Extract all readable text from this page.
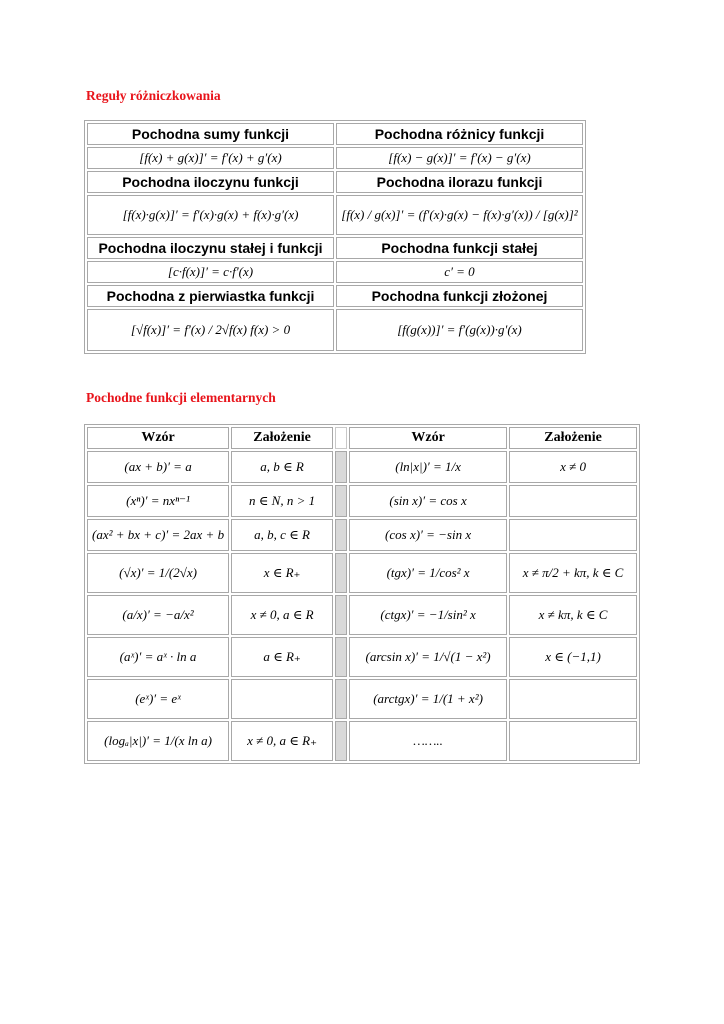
Reguły różniczkowania
Pochodna sumy funkcji	Pochodna różnicy funkcji
[f(x) + g(x)]′ = f′(x) + g′(x)	[f(x) − g(x)]′ = f′(x) − g′(x)
Pochodna iloczynu funkcji	Pochodna ilorazu funkcji
[f(x)·g(x)]′ = f′(x)·g(x) + f(x)·g′(x)	[f(x) / g(x)]′ = (f′(x)·g(x) − f(x)·g′(x)) / [g(x)]²
Pochodna iloczynu stałej i funkcji	Pochodna funkcji stałej
[c·f(x)]′ = c·f′(x)	c′ = 0
Pochodna z pierwiastka funkcji	Pochodna funkcji złożonej
[√f(x)]′ = f′(x) / 2√f(x) f(x) > 0	[f(g(x))]′ = f′(g(x))·g′(x)
Pochodne funkcji elementarnych
Wzór	Założenie		Wzór	Założenie
(ax + b)′ = a	a, b ∈ R		(ln|x|)′ = 1/x	x ≠ 0
(xⁿ)′ = nxⁿ⁻¹	n ∈ N, n > 1		(sin x)′ = cos x	
(ax² + bx + c)′ = 2ax + b	a, b, c ∈ R		(cos x)′ = −sin x	
(√x)′ = 1/(2√x)	x ∈ R₊		(tgx)′ = 1/cos² x	x ≠ π/2 + kπ, k ∈ C
(a/x)′ = −a/x²	x ≠ 0, a ∈ R		(ctgx)′ = −1/sin² x	x ≠ kπ, k ∈ C
(aˣ)′ = aˣ · ln a	a ∈ R₊		(arcsin x)′ = 1/√(1 − x²)	x ∈ (−1,1)
(eˣ)′ = eˣ			(arctgx)′ = 1/(1 + x²)	
(logₐ|x|)′ = 1/(x ln a)	x ≠ 0, a ∈ R₊		……..	
